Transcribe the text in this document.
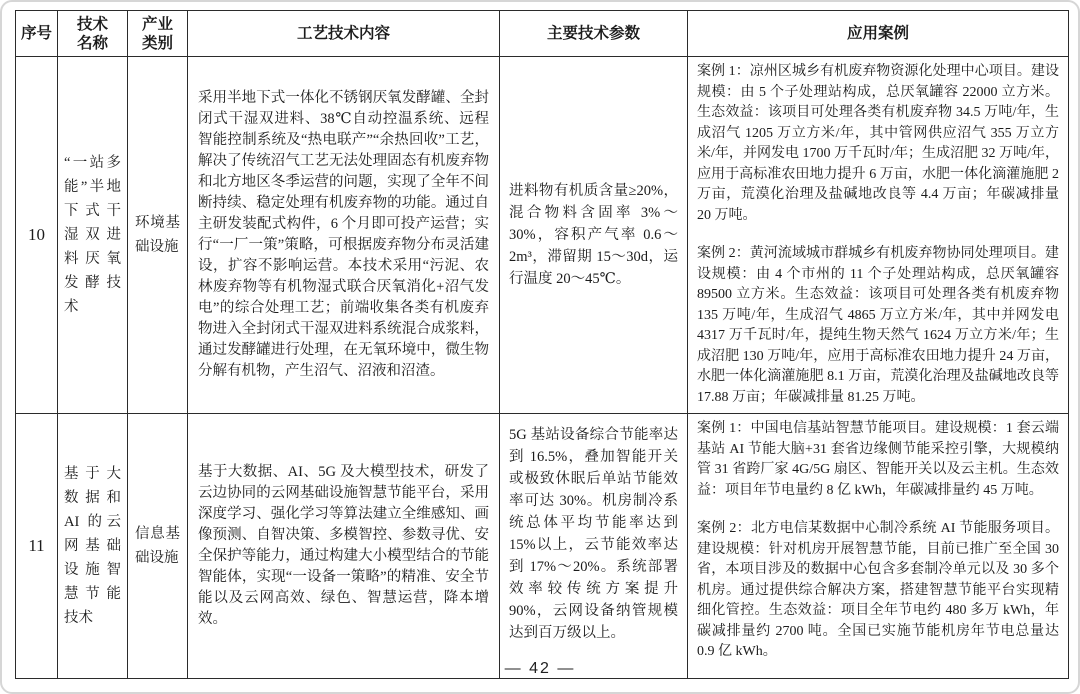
序号	技术名称	产业类别	工艺技术内容	主要技术参数	应用案例
10	“一站多能”半地下式干湿双进料厌氧发酵技术	环境基础设施	采用半地下式一体化不锈钢厌氧发酵罐、全封闭式干湿双进料、38℃自动控温系统、远程智能控制系统及“热电联产”“余热回收”工艺，解决了传统沼气工艺无法处理固态有机废弃物和北方地区冬季运营的问题，实现了全年不间断持续、稳定处理有机废弃物的功能。通过自主研发装配式构件，6 个月即可投产运营；实行“一厂一策”策略，可根据废弃物分布灵活建设，扩容不影响运营。本技术采用“污泥、农林废弃物等有机物湿式联合厌氧消化+沼气发电”的综合处理工艺；前端收集各类有机废弃物进入全封闭式干湿双进料系统混合成浆料，通过发酵罐进行处理，在无氧环境中，微生物分解有机物，产生沼气、沼液和沼渣。	进料物有机质含量≥20%，混合物料含固率 3%～30%，容积产气率 0.6～2m³，滞留期 15～30d，运行温度 20～45℃。	

案例 1：凉州区城乡有机废弃物资源化处理中心项目。建设规模：由 5 个子处理站构成，总厌氧罐容 22000 立方米。生态效益：该项目可处理各类有机废弃物 34.5 万吨/年，生成沼气 1205 万立方米/年，其中管网供应沼气 355 万立方米/年，并网发电 1700 万千瓦时/年；生成沼肥 32 万吨/年，应用于高标准农田地力提升 6 万亩，水肥一体化滴灌施肥 2 万亩，荒漠化治理及盐碱地改良等 4.4 万亩；年碳减排量 20 万吨。

案例 2：黄河流域城市群城乡有机废弃物协同处理项目。建设规模：由 4 个市州的 11 个子处理站构成，总厌氧罐容 89500 立方米。生态效益：该项目可处理各类有机废弃物 135 万吨/年，生成沼气 4865 万立方米/年，其中并网发电 4317 万千瓦时/年，提纯生物天然气 1624 万立方米/年；生成沼肥 130 万吨/年，应用于高标准农田地力提升 24 万亩，水肥一体化滴灌施肥 8.1 万亩，荒漠化治理及盐碱地改良等 17.88 万亩；年碳减排量 81.25 万吨。

11	基于大数据和 AI 的云网基础设施智慧节能技术	信息基础设施	基于大数据、AI、5G 及大模型技术，研发了云边协同的云网基础设施智慧节能平台，采用深度学习、强化学习等算法建立全维感知、画像预测、自智决策、多模智控、参数寻优、安全保护等能力，通过构建大小模型结合的节能智能体，实现“一设备一策略”的精准、安全节能以及云网高效、绿色、智慧运营，降本增效。	5G 基站设备综合节能率达到 16.5%，叠加智能开关或极致休眠后单站节能效率可达 30%。机房制冷系统总体平均节能率达到 15%以上，云节能效率达到 17%～20%。系统部署效率较传统方案提升 90%，云网设备纳管规模达到百万级以上。	案例 1：中国电信基站智慧节能项目。建设规模：1 套云端基站 AI 节能大脑+31 套省边缘侧节能采控引擎，大规模纳管 31 省跨厂家 4G/5G 扇区、智能开关以及云主机。生态效益：项目年节电量约 8 亿 kWh，年碳减排量约 45 万吨。

案例 2：北方电信某数据中心制冷系统 AI 节能服务项目。建设规模：针对机房开展智慧节能，目前已推广至全国 30 省，本项目涉及的数据中心包含多套制冷单元以及 30 多个机房。通过提供综合解决方案，搭建智慧节能平台实现精细化管控。生态效益：项目全年节电约 480 多万 kWh，年碳减排量约 2700 吨。全国已实施节能机房年节电总量达 0.9 亿 kWh。

— 42 —
